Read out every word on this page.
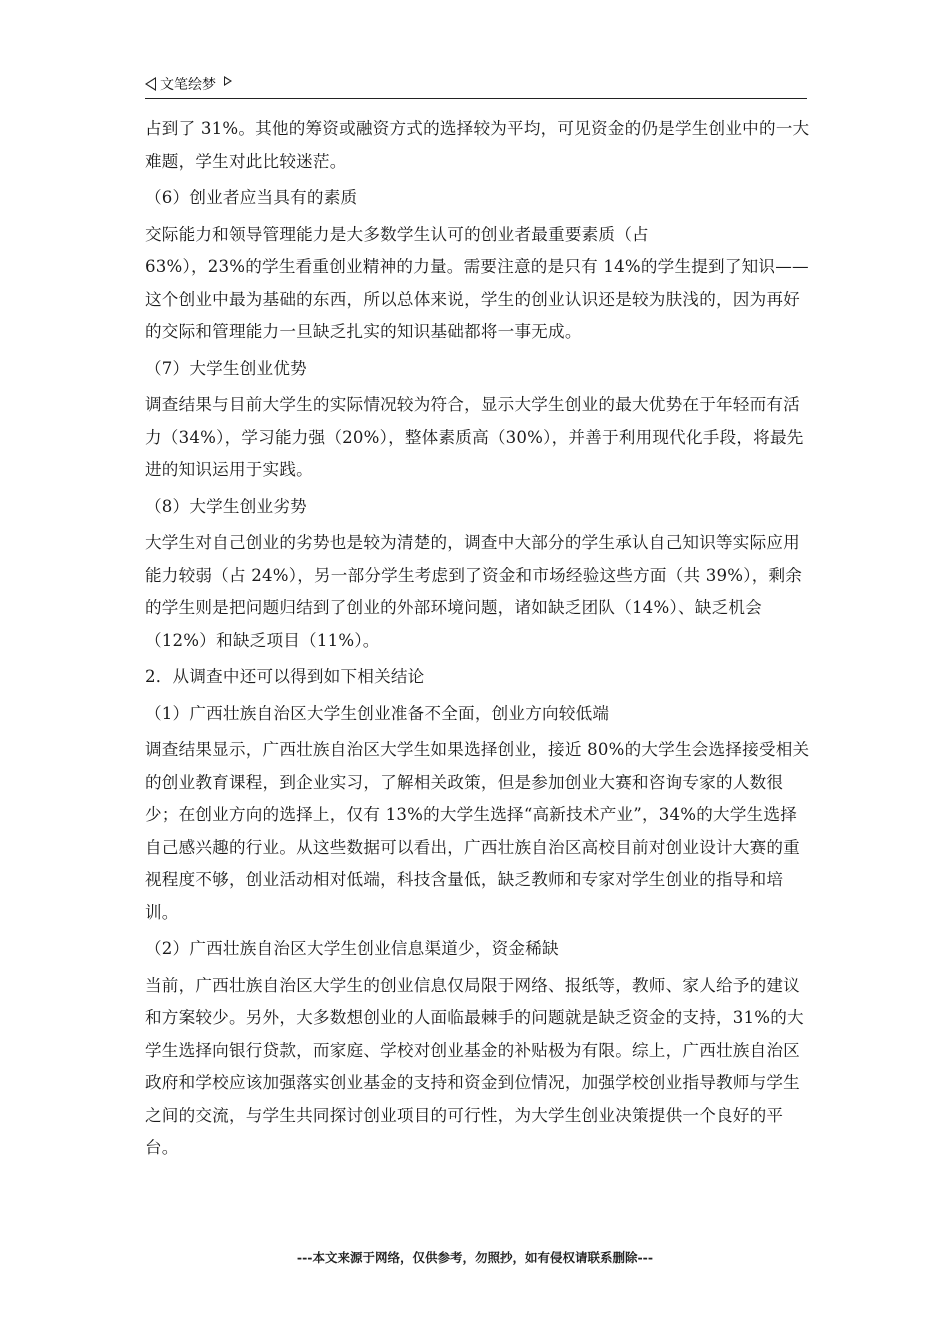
文笔绘梦

占到了 31%。其他的筹资或融资方式的选择较为平均，可见资金的仍是学生创业中的一大难题，学生对此比较迷茫。

（6）创业者应当具有的素质

交际能力和领导管理能力是大多数学生认可的创业者最重要素质（占
63%），23%的学生看重创业精神的力量。需要注意的是只有 14%的学生提到了知识——这个创业中最为基础的东西，所以总体来说，学生的创业认识还是较为肤浅的，因为再好的交际和管理能力一旦缺乏扎实的知识基础都将一事无成。

（7）大学生创业优势

调查结果与目前大学生的实际情况较为符合，显示大学生创业的最大优势在于年轻而有活力（34%），学习能力强（20%），整体素质高（30%），并善于利用现代化手段，将最先进的知识运用于实践。

（8）大学生创业劣势

大学生对自己创业的劣势也是较为清楚的，调查中大部分的学生承认自己知识等实际应用能力较弱（占 24%），另一部分学生考虑到了资金和市场经验这些方面（共 39%），剩余的学生则是把问题归结到了创业的外部环境问题，诸如缺乏团队（14%）、缺乏机会（12%）和缺乏项目（11%）。

2．从调查中还可以得到如下相关结论

（1）广西壮族自治区大学生创业准备不全面，创业方向较低端

调查结果显示，广西壮族自治区大学生如果选择创业，接近 80%的大学生会选择接受相关的创业教育课程，到企业实习，了解相关政策，但是参加创业大赛和咨询专家的人数很少；在创业方向的选择上，仅有 13%的大学生选择“高新技术产业”，34%的大学生选择自己感兴趣的行业。从这些数据可以看出，广西壮族自治区高校目前对创业设计大赛的重视程度不够，创业活动相对低端，科技含量低，缺乏教师和专家对学生创业的指导和培训。

（2）广西壮族自治区大学生创业信息渠道少，资金稀缺

当前，广西壮族自治区大学生的创业信息仅局限于网络、报纸等，教师、家人给予的建议和方案较少。另外，大多数想创业的人面临最棘手的问题就是缺乏资金的支持，31%的大学生选择向银行贷款，而家庭、学校对创业基金的补贴极为有限。综上，广西壮族自治区政府和学校应该加强落实创业基金的支持和资金到位情况，加强学校创业指导教师与学生之间的交流，与学生共同探讨创业项目的可行性，为大学生创业决策提供一个良好的平台。

---本文来源于网络，仅供参考，勿照抄，如有侵权请联系删除---
